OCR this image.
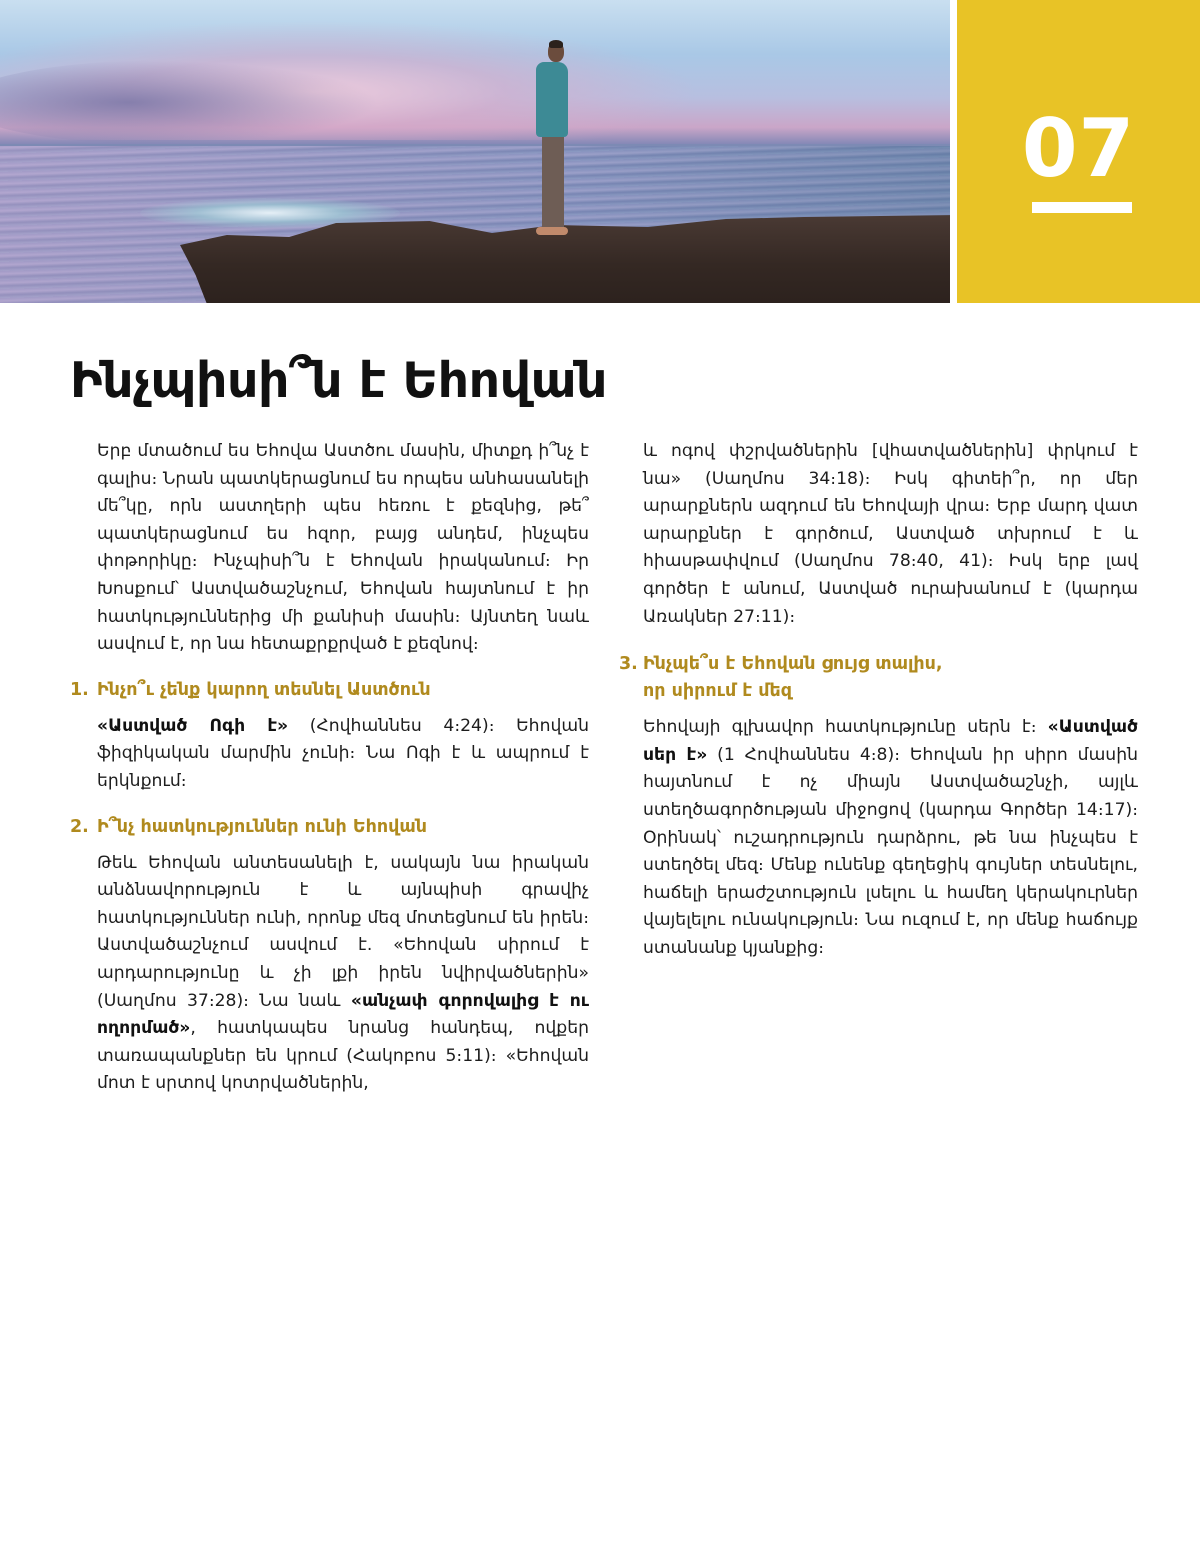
07
Ինչպիսի՞ն է Եհովան

Երբ մտածում ես Եհովա Աստծու մասին, միտքդ ի՞նչ է գալիս։ Նրան պատկերացնում ես որպես անհասանելի մե՞կը, որն աստղերի պես հեռու է քեզնից, թե՞ պատկերացնում ես հզոր, բայց անդեմ, ինչպես փոթորիկը։ Ինչպիսի՞ն է Եհովան իրականում։ Իր Խոսքում՝ Աստվածաշնչում, Եհովան հայտնում է իր հատկություններից մի քանիսի մասին։ Այնտեղ նաև ասվում է, որ նա հետաքրքրված է քեզնով։

1. Ինչո՞ւ չենք կարող տեսնել Աստծուն

«Աստված Ոգի է» (Հովհաննես 4։24)։ Եհովան ֆիզիկական մարմին չունի։ Նա Ոգի է և ապրում է երկնքում։

2. Ի՞նչ հատկություններ ունի Եհովան

Թեև Եհովան անտեսանելի է, սակայն նա իրական անձնավորություն է և այնպիսի գրավիչ հատկություններ ունի, որոնք մեզ մոտեցնում են իրեն։ Աստվածաշնչում ասվում է. «Եհովան սիրում է արդարությունը և չի լքի իրեն նվիրվածներին» (Սաղմոս 37։28)։ Նա նաև «անչափ գորովալից է ու ողորմած», հատկապես նրանց հանդեպ, ովքեր տառապանքներ են կրում (Հակոբոս 5։11)։ «Եհովան մոտ է սրտով կոտրվածներին,

և ոգով փշրվածներին [վհատվածներին] փրկում է նա» (Սաղմոս 34։18)։ Իսկ գիտեի՞ր, որ մեր արարքներն ազդում են Եհովայի վրա։ Երբ մարդ վատ արարքներ է գործում, Աստված տխրում է և հիասթափվում (Սաղմոս 78։40, 41)։ Իսկ երբ լավ գործեր է անում, Աստված ուրախանում է (կարդա Առակներ 27։11)։

3. Ինչպե՞ս է Եհովան ցույց տալիս,
որ սիրում է մեզ

Եհովայի գլխավոր հատկությունը սերն է։ «Աստված սեր է» (1 Հովհաննես 4։8)։ Եհովան իր սիրո մասին հայտնում է ոչ միայն Աստվածաշնչի, այլև ստեղծագործության միջոցով (կարդա Գործեր 14։17)։ Օրինակ՝ ուշադրություն դարձրու, թե նա ինչպես է ստեղծել մեզ։ Մենք ունենք գեղեցիկ գույներ տեսնելու, հաճելի երաժշտություն լսելու և համեղ կերակուրներ վայելելու ունակություն։ Նա ուզում է, որ մենք հաճույք ստանանք կյանքից։
